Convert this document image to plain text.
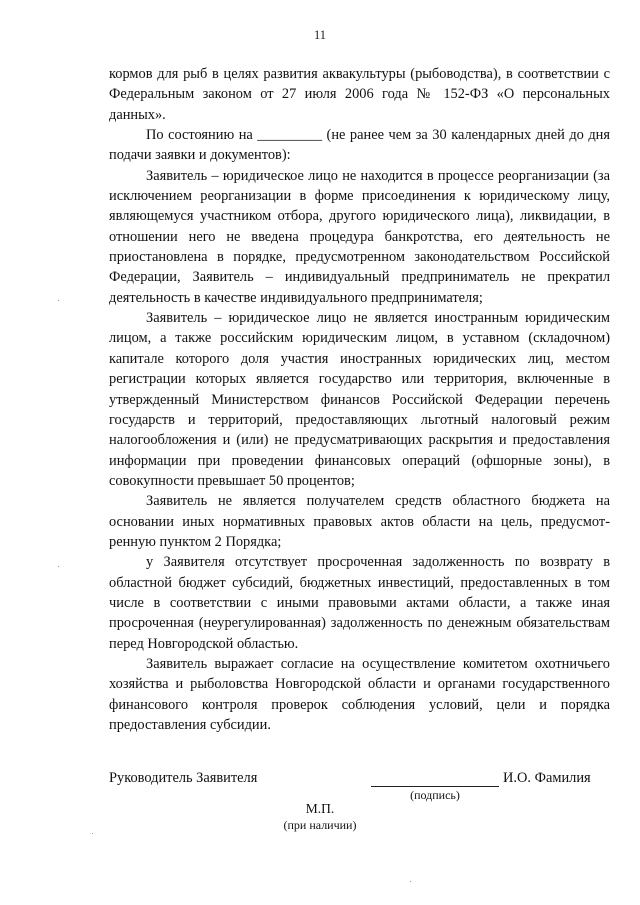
11

кормов для рыб в целях развития аквакультуры (рыбоводства), в соответствии с Федеральным законом от 27 июля 2006 года № 152-ФЗ «О персональных данных».

По состоянию на _________ (не ранее чем за 30 календарных дней до дня подачи заявки и документов):

Заявитель – юридическое лицо не находится в процессе реорганизации (за исключением реорганизации в форме присоединения к юридическому лицу, являющемуся участником отбора, другого юридического лица), ликвидации, в отношении него не введена процедура банкротства, его деятельность не приостановлена в порядке, предусмотренном законодательством Российской Федерации, Заявитель – индивидуальный предприниматель не прекратил деятельность в качестве индивидуального предпринимателя;

Заявитель – юридическое лицо не является иностранным юридическим лицом, а также российским юридическим лицом, в уставном (складочном) капитале которого доля участия иностранных юридических лиц, местом регистрации которых является государство или территория, включенные в утвержденный Министерством финансов Российской Федерации перечень государств и территорий, предоставляющих льготный налоговый режим налогообложения и (или) не предусматривающих раскрытия и предоставления информации при проведении финансовых операций (офшорные зоны), в совокупности превышает 50 процентов;

Заявитель не является получателем средств областного бюджета на основании иных нормативных правовых актов области на цель, предусмотренную пунктом 2 Порядка;

у Заявителя отсутствует просроченная задолженность по возврату в областной бюджет субсидий, бюджетных инвестиций, предоставленных в том числе в соответствии с иными правовыми актами области, а также иная просроченная (неурегулированная) задолженность по денежным обязательствам перед Новгородской областью.

Заявитель выражает согласие на осуществление комитетом охотничьего хозяйства и рыболовства Новгородской области и органами государственного финансового контроля проверок соблюдения условий, цели и порядка предоставления субсидии.

Руководитель Заявителя	И.О. Фамилия
(подпись)
М.П.
(при наличии)
